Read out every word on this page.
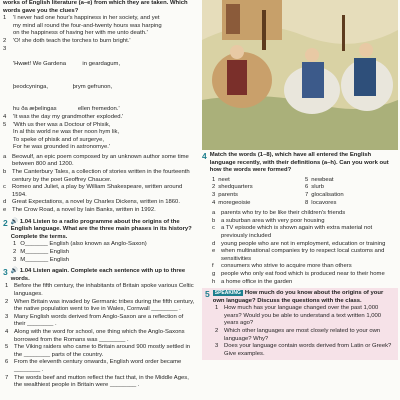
works of English literature (a–e) from which they are taken. Which words gave you the clues?

1	'I never had one hour's happiness in her society, and yet
my mind all round the four-and-twenty hours was harping
on the happiness of having her with me unto death.'
2	'O! she doth teach the torches to burn bright.'
3

'Hwæt! We Gardena          in geardagum,

þeodcyninga,               þrym gefrunon,

hu ða æþelingas             ellen fremedon.'
4	'It was the day my grandmother exploded.'
5	'With us ther was a Doctour of Phisik,
In al this world ne was ther noon hym lik,
To speke of phisik and of surgerye,
For he was grounded in astronomye.'
a Beowulf, an epic poem composed by an unknown author some time between 800 and 1200.
b The Canterbury Tales, a collection of stories written in the fourteenth century by the poet Geoffrey Chaucer.
c	Romeo and Juliet, a play by William Shakespeare, written around 1594.
d Great Expectations, a novel by Charles Dickens, written in 1860.
e The Crow Road, a novel by Iain Banks, written in 1992.
2 🔊 1.04 Listen to a radio programme about the origins of the English language. What are the three main phases in its history? Complete the terms.
1 O_______ English (also known as Anglo-Saxon)
2 M_______ English
3 M_______ English
3 🔊 1.04 Listen again. Complete each sentence with up to three words.
1 Before the fifth century, the inhabitants of Britain spoke various Celtic languages.
2 When Britain was invaded by Germanic tribes during the fifth century, the native population went to live in Wales, Cornwall ________ .
3 Many English words derived from Anglo-Saxon are a reflection of their ________ .
4 Along with the word for school, one thing which the Anglo-Saxons borrowed from the Romans was ________ .
5 The Viking raiders who came to Britain around 900 mostly settled in the ________ parts of the country.
6 From the eleventh century onwards, English word order became ________ .
7 The words beef and mutton reflect the fact that, in the Middle Ages, the wealthiest people in Britain were ________ .
4 Match the words (1–8), which have all entered the English language recently, with their definitions (a–h). Can you work out how the words were formed?
1 neet	5 newbeat
2 shedquarters	6 slurb
3 parents	7 glocalisation
4 moregeoisie	8 locavores
a parents who try to be like their children's friends
b a suburban area with very poor housing
c	a TV episode which is shown again with extra material not previously included
d young people who are not in employment, education or training
e when multinational companies try to respect local customs and sensitivities
f	consumers who strive to acquire more than others
g people who only eat food which is produced near to their home
h a home office in the garden
5	SPEAKING How much do you know about the origins of your own language? Discuss the questions with the class.
1 How much has your language changed over the past 1,000 years? Would you be able to understand a text written 1,000 years ago?
2 Which other languages are most closely related to your own language? Why?
3 Does your language contain words derived from Latin or Greek? Give examples.
